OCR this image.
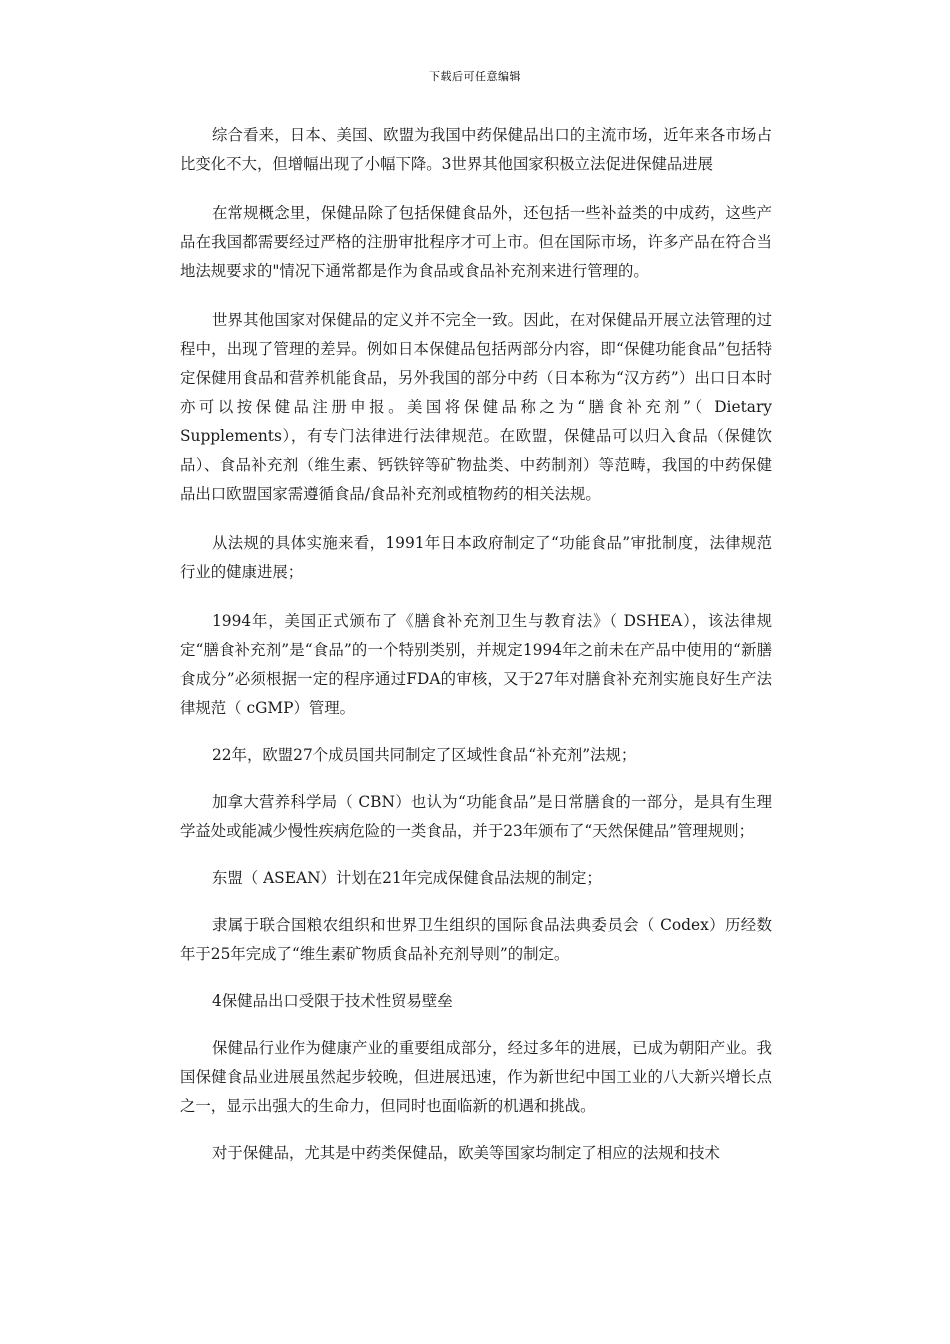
下载后可任意编辑

综合看来，日本、美国、欧盟为我国中药保健品出口的主流市场，近年来各市场占比变化不大，但增幅出现了小幅下降。3世界其他国家积极立法促进保健品进展

在常规概念里，保健品除了包括保健食品外，还包括一些补益类的中成药，这些产品在我国都需要经过严格的注册审批程序才可上市。但在国际市场，许多产品在符合当地法规要求的"情况下通常都是作为食品或食品补充剂来进行管理的。

世界其他国家对保健品的定义并不完全一致。因此，在对保健品开展立法管理的过程中，出现了管理的差异。例如日本保健品包括两部分内容，即“保健功能食品”包括特定保健用食品和营养机能食品，另外我国的部分中药（日本称为“汉方药”）出口日本时亦可以按保健品注册申报。美国将保健品称之为“膳食补充剂”（ Dietary Supplements），有专门法律进行法律规范。在欧盟，保健品可以归入食品（保健饮品）、食品补充剂（维生素、钙铁锌等矿物盐类、中药制剂）等范畴，我国的中药保健品出口欧盟国家需遵循食品/食品补充剂或植物药的相关法规。

从法规的具体实施来看，1991年日本政府制定了“功能食品”审批制度，法律规范行业的健康进展；

1994年，美国正式颁布了《膳食补充剂卫生与教育法》（ DSHEA），该法律规定“膳食补充剂”是“食品”的一个特别类别，并规定1994年之前未在产品中使用的“新膳食成分”必须根据一定的程序通过FDA的审核，又于27年对膳食补充剂实施良好生产法律规范（ cGMP）管理。

22年，欧盟27个成员国共同制定了区域性食品“补充剂”法规；

加拿大营养科学局（ CBN）也认为“功能食品”是日常膳食的一部分，是具有生理学益处或能减少慢性疾病危险的一类食品，并于23年颁布了“天然保健品”管理规则；

东盟（ ASEAN）计划在21年完成保健食品法规的制定；

隶属于联合国粮农组织和世界卫生组织的国际食品法典委员会（ Codex）历经数年于25年完成了“维生素矿物质食品补充剂导则”的制定。

4保健品出口受限于技术性贸易壁垒

保健品行业作为健康产业的重要组成部分，经过多年的进展，已成为朝阳产业。我国保健食品业进展虽然起步较晚，但进展迅速，作为新世纪中国工业的八大新兴增长点之一，显示出强大的生命力，但同时也面临新的机遇和挑战。

对于保健品，尤其是中药类保健品，欧美等国家均制定了相应的法规和技术
